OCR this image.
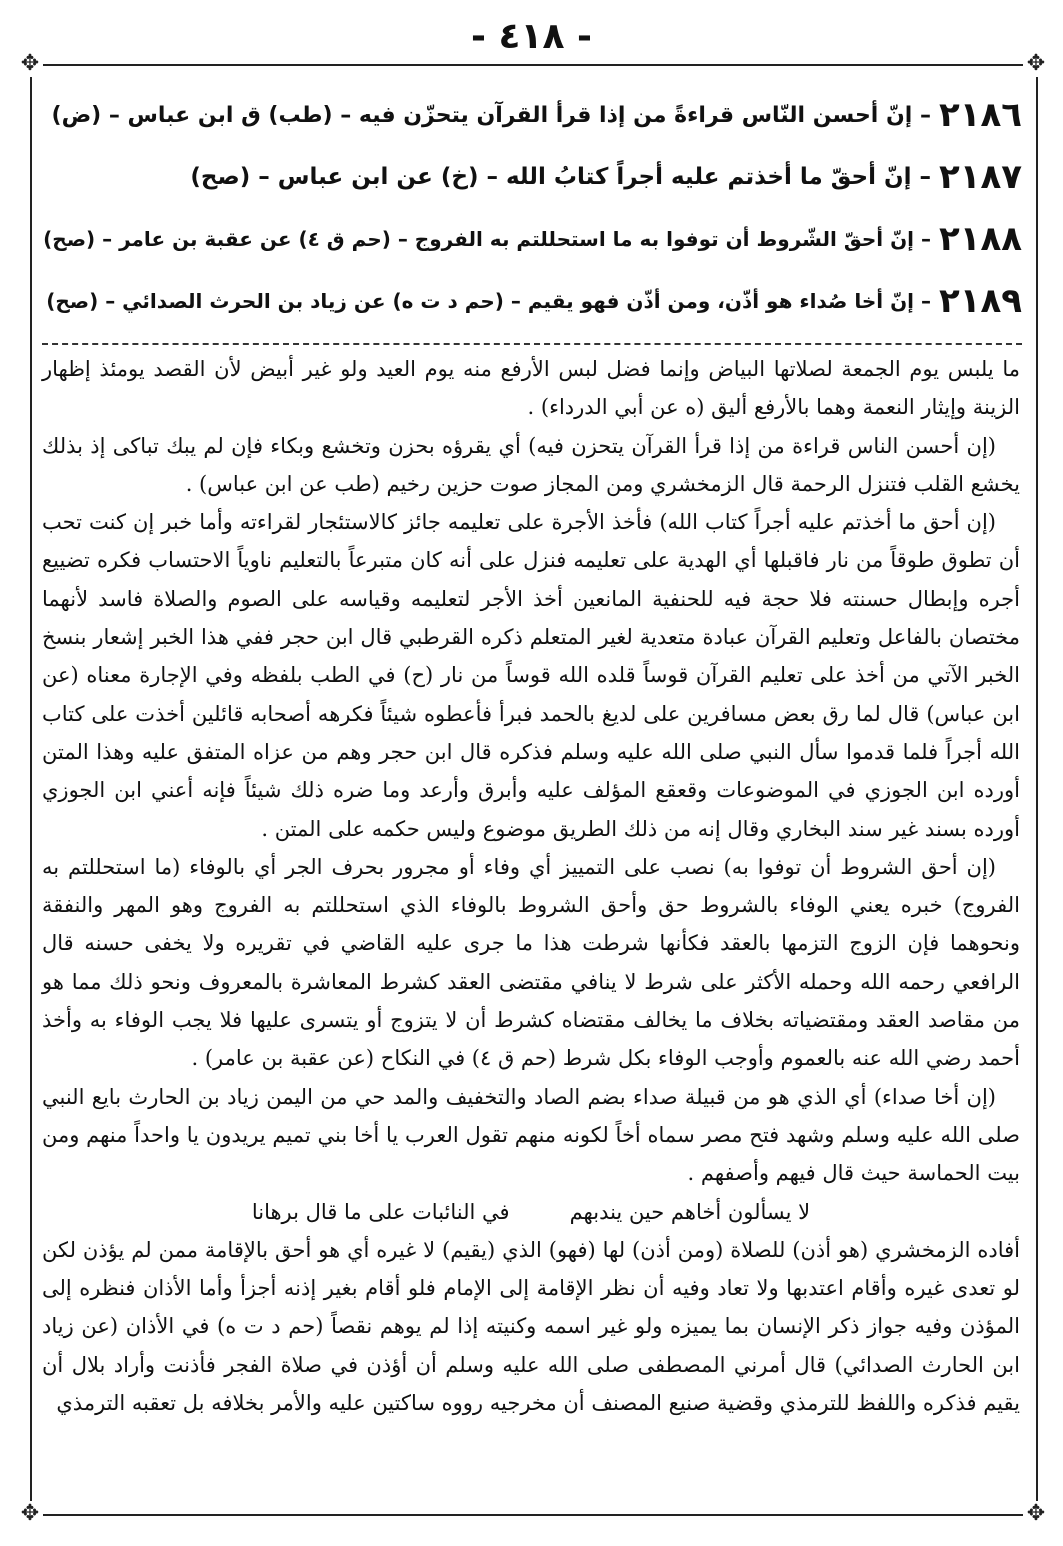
✥	✥
✥	✥
- ٤١٨ -
٢١٨٦
– إنّ أحسن النّاس قراءةً من إذا قرأ القرآن يتحزّن فيه – (طب) ق ابن عباس – (ض)
٢١٨٧
– إنّ أحقّ ما أخذتم عليه أجراً كتابُ الله – (خ) عن ابن عباس – (صح)
٢١٨٨
– إنّ أحقّ الشّروط أن توفوا به ما استحللتم به الفروج – (حم ق ٤) عن عقبة بن عامر – (صح)
٢١٨٩
– إنّ أخا صُداء هو أذّن، ومن أذّن فهو يقيم – (حم د ت ه) عن زياد بن الحرث الصدائي – (صح)

ما يلبس يوم الجمعة لصلاتها البياض وإنما فضل لبس الأرفع منه يوم العيد ولو غير أبيض لأن القصد يومئذ إظهار الزينة وإيثار النعمة وهما بالأرفع أليق (ه عن أبي الدرداء) .

(إن أحسن الناس قراءة من إذا قرأ القرآن يتحزن فيه) أي يقرؤه بحزن وتخشع وبكاء فإن لم يبك تباكى إذ بذلك يخشع القلب فتنزل الرحمة قال الزمخشري ومن المجاز صوت حزين رخيم (طب عن ابن عباس) .

(إن أحق ما أخذتم عليه أجراً كتاب الله) فأخذ الأجرة على تعليمه جائز كالاستئجار لقراءته وأما خبر إن كنت تحب أن تطوق طوقاً من نار فاقبلها أي الهدية على تعليمه فنزل على أنه كان متبرعاً بالتعليم ناوياً الاحتساب فكره تضييع أجره وإبطال حسنته فلا حجة فيه للحنفية المانعين أخذ الأجر لتعليمه وقياسه على الصوم والصلاة فاسد لأنهما مختصان بالفاعل وتعليم القرآن عبادة متعدية لغير المتعلم ذكره القرطبي قال ابن حجر ففي هذا الخبر إشعار بنسخ الخبر الآتي من أخذ على تعليم القرآن قوساً قلده الله قوساً من نار (ح) في الطب بلفظه وفي الإجارة معناه (عن ابن عباس) قال لما رق بعض مسافرين على لديغ بالحمد فبرأ فأعطوه شيئاً فكرهه أصحابه قائلين أخذت على كتاب الله أجراً فلما قدموا سأل النبي صلى الله عليه وسلم فذكره قال ابن حجر وهم من عزاه المتفق عليه وهذا المتن أورده ابن الجوزي في الموضوعات وقعقع المؤلف عليه وأبرق وأرعد وما ضره ذلك شيئاً فإنه أعني ابن الجوزي أورده بسند غير سند البخاري وقال إنه من ذلك الطريق موضوع وليس حكمه على المتن .

(إن أحق الشروط أن توفوا به) نصب على التمييز أي وفاء أو مجرور بحرف الجر أي بالوفاء (ما استحللتم به الفروج) خبره يعني الوفاء بالشروط حق وأحق الشروط بالوفاء الذي استحللتم به الفروج وهو المهر والنفقة ونحوهما فإن الزوج التزمها بالعقد فكأنها شرطت هذا ما جرى عليه القاضي في تقريره ولا يخفى حسنه قال الرافعي رحمه الله وحمله الأكثر على شرط لا ينافي مقتضى العقد كشرط المعاشرة بالمعروف ونحو ذلك مما هو من مقاصد العقد ومقتضياته بخلاف ما يخالف مقتضاه كشرط أن لا يتزوج أو يتسرى عليها فلا يجب الوفاء به وأخذ أحمد رضي الله عنه بالعموم وأوجب الوفاء بكل شرط (حم ق ٤) في النكاح (عن عقبة بن عامر) .

(إن أخا صداء) أي الذي هو من قبيلة صداء بضم الصاد والتخفيف والمد حي من اليمن زياد بن الحارث بايع النبي صلى الله عليه وسلم وشهد فتح مصر سماه أخاً لكونه منهم تقول العرب يا أخا بني تميم يريدون يا واحداً منهم ومن بيت الحماسة حيث قال فيهم وأصفهم .

لا يسألون أخاهم حين يندبهم
في النائبات على ما قال برهانا

أفاده الزمخشري (هو أذن) للصلاة (ومن أذن) لها (فهو) الذي (يقيم) لا غيره أي هو أحق بالإقامة ممن لم يؤذن لكن لو تعدى غيره وأقام اعتدبها ولا تعاد وفيه أن نظر الإقامة إلى الإمام فلو أقام بغير إذنه أجزأ وأما الأذان فنظره إلى المؤذن وفيه جواز ذكر الإنسان بما يميزه ولو غير اسمه وكنيته إذا لم يوهم نقصاً (حم د ت ه) في الأذان (عن زياد ابن الحارث الصدائي) قال أمرني المصطفى صلى الله عليه وسلم أن أؤذن في صلاة الفجر فأذنت وأراد بلال أن يقيم فذكره واللفظ للترمذي وقضية صنيع المصنف أن مخرجيه رووه ساكتين عليه والأمر بخلافه بل تعقبه الترمذي
